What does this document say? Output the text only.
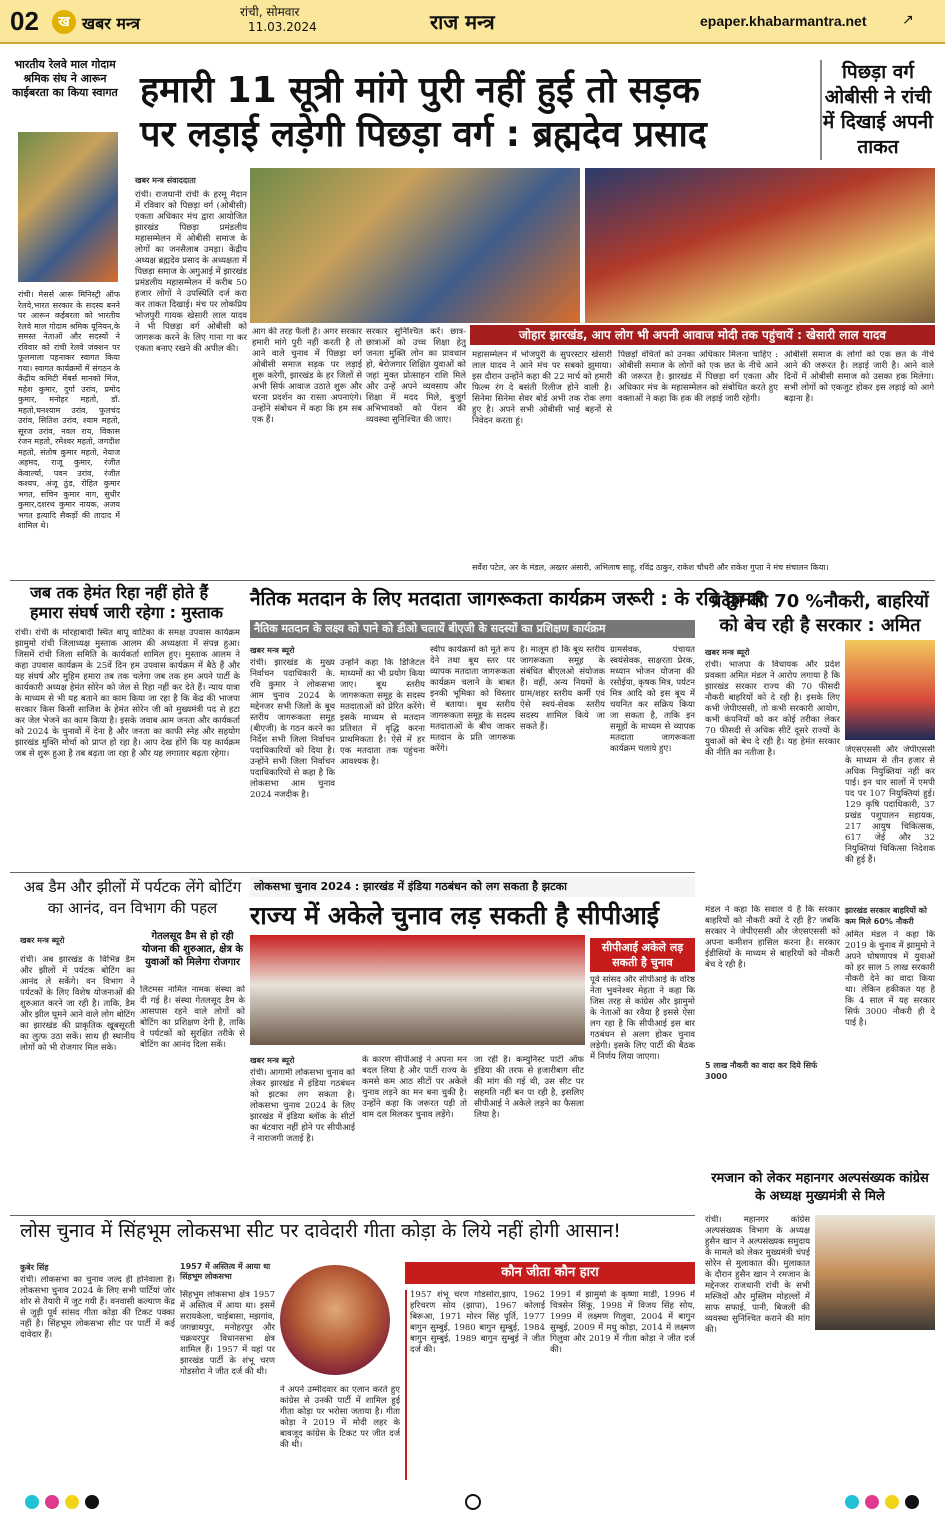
02	ख खबर मन्त्र
रांची, सोमवार
11.03.2024	राज मन्त्र	epaper.khabarmantra.net	↗
भारतीय रेलवे माल गोदाम श्रमिक संघ ने आरून काईबरता का किया स्वागत
रांची। मेसर्स आरू मिनिस्ट्री ऑफ रेलवे,भारत सरकार के सदस्य बनने पर आरून कईबरता को भारतीय रेलवे माल गोदाम श्रमिक यूनियन,के समस्त नेताओं और सदस्यों ने रविवार को रांची रेलवे जंक्शन पर फूलमाला पहनाकर स्वागत किया गया। स्वागत कार्यक्रमों में संगठन के केंद्रीय कमिटी मेंबर्स मानको मिंज, महेश कुमार, दुर्गा उरांव, प्रमोद कुमार, मनोहर महतो, डॉ. महतो,घनश्याम उरांव, फुलचंद उरांव, सितिश उरांव, श्याम महतो, सूरज उरांव, नवल राय, विकास रंजन महतो, रमेश्वर महतो, जगदीश महतो, संतोष कुमार महतो, नेयाज अहमद, राजू कुमार, रंजीत केवार्ल्या, पवन उरांव, रंजीत कश्यप, अंजू ठुंड, रोहित कुमार भगत, सचिन कुमार नाग, सुधीर कुमार,दशरथ कुमार नायक, अजय भगत इत्यादि सैकड़ों की तादाद में शामिल थे।
हमारी 11 सूत्री मांगे पुरी नहीं हुई तो सड़क
पर लड़ाई लड़ेगी पिछड़ा वर्ग : ब्रह्मदेव प्रसाद
पिछड़ा वर्ग ओबीसी ने रांची में दिखाई अपनी ताकत
खबर मन्त्र संवाददाता
रांची। राजधानी रांची के हरमू मैदान में रविवार को पिछड़ा वर्ग (ओबीसी) एकता अधिकार मंच द्वारा आयोजित झारखंड पिछड़ा प्रमंडलीय महासम्मेलन में ओबीसी समाज के लोगों का जनसैलाब उमड़ा। केंद्रीय अध्यक्ष ब्रह्मदेव प्रसाद के अध्यक्षता में पिछड़ा समाज के अगुआई में झारखंड प्रमंडलीय महासम्मेलन में करीब 50 हजार लोगों ने उपस्थिति दर्ज करा कर ताकत दिखाई। मंच पर लोकप्रिय भोजपुरी गायक खेसारी लाल यादव ने भी पिछड़ा वर्ग ओबीसी को जागरूक करने के लिए गाना गा कर एकता बनाए रखने की अपील की।
आग की तरह फैली है। अगर सरकार हमारी मांगे पुरी नहीं करती है तो आने वाले चुनाव में पिछड़ा वर्ग ओबीसी समाज सड़क पर लड़ाई शुरू करेगी, झारखंड के हर जिलों से अभी सिर्फ आवाज उठाते शुरू और धरना प्रदर्शन का रास्ता अपनाएंगे। उन्होंने संबोधन में कहा कि हम सब एक हैं।
सरकार सुनिश्चित करें। छात्र-छात्राओं को उच्च शिक्षा हेतु जनता मुक्ति लोन का प्रावधान हो, बेरोजगार शिक्षित युवाओं को जहां मुक्त प्रोत्साहन राशि मिले और उन्हें अपने व्यवसाय और शिक्षा में मदद मिले, बुजुर्ग अभिभावकों को पेंशन की व्यवस्था सुनिश्चित की जाए।
जोहार झारखंड, आप लोग भी अपनी आवाज मोदी तक पहुंचायें : खेसारी लाल यादव
महासम्मेलन में भोजपुरी के सुपरस्टार खेसारी लाल यादव ने आने मंच पर सबको झुमाया। इस दौरान उन्होंने कहा की 22 मार्च को हमारी फिल्म रंग दे बसंती रिलीज होने वाली है। सिनेमा सिनेमा सेवर बोर्ड अभी तक रोक लगा हुए है। अपने सभी ओबीसी भाई बहनों से निवेदन करता हूं।
पिछड़ों वंचितों को उनका अधिकार मिलना चाहिए : ओबीसी समाज के लोगों को एक छत के नीचे आने की जरूरत है। झारखंड में पिछड़ा वर्ग एकता और अधिकार मंच के महासम्मेलन को संबोधित करते हुए वक्ताओं ने कहा कि हक की लड़ाई जारी रहेगी।
ओबीसी समाज के लोगों को एक छत के नीचे आने की जरूरत है। लड़ाई जारी है। आने वाले दिनों में ओबीसी समाज को उसका हक मिलेगा। सभी लोगों को एकजुट होकर इस लड़ाई को आगे बढ़ाना है।
सर्वेश पटेल, अर के मंडल, अख्तर अंसारी, अभिलाष साहू, रविंद्र ठाकुर, राकेश चौधरी और राकेश गुप्ता ने मंच संचालन किया।
जब तक हेमंत रिहा नहीं होते हैं
हमारा संघर्ष जारी रहेगा : मुस्ताक
रांची। रांची के मोरहाबादी स्थित बापू वाटिका के समक्ष उपवास कार्यक्रम झामुमो रांची जिलाध्यक्ष मुस्ताक आलम की अध्यक्षता में संपन्न हुआ। जिसमें रांची जिला समिति के कार्यकर्ता शामिल हुए। मुस्ताक आलम ने कहा उपवास कार्यक्रम के 25वें दिन हम उपवास कार्यक्रम में बैठे हैं और यह संघर्ष और मुहिम हमारा तब तक चलेगा जब तक हम अपने पार्टी के कार्यकारी अध्यक्ष हेमंत सोरेन को जेल से रिहा नहीं कर देते हैं। न्याय यात्रा के माध्यम से भी यह बताने का काम किया जा रहा है कि केंद्र की भाजपा सरकार किस किसी साजिश के हेमंत सोरेन जी को मुख्यमंत्री पद से हटा कर जेल भेजने का काम किया है। इसके जवाब आम जनता और कार्यकर्ता को 2024 के चुनावों में देना है और जनता का काफी स्नेह और सहयोग झारखंड मुक्ति मोर्चा को प्राप्त हो रहा है। आप देख होंगे कि यह कार्यक्रम जब से शुरू हुआ है तब बढ़ता जा रहा है और यह लगातार बढ़ता रहेगा।
नैतिक मतदान के लिए मतदाता जागरूकता कार्यक्रम जरूरी : के रवि कुमार
नैतिक मतदान के लक्ष्य को पाने को डीओ चलायें बीएजी के सदस्यों का प्रशिक्षण कार्यक्रम
खबर मन्त्र ब्यूरो
रांची। झारखंड के मुख्य निर्वाचन पदाधिकारी के. रवि कुमार ने लोकसभा आम चुनाव 2024 के मद्देनजर सभी जिलों के बूथ स्तरीय जागरूकता समूह (बीएजी) के गठन करने का निर्देश सभी जिला निर्वाचन पदाधिकारियों को दिया है। उन्होंने सभी जिला निर्वाचन पदाधिकारियों से कहा है कि लोकसभा आम चुनाव 2024 नजदीक है।
उन्होंने कहा कि डिजिटल माध्यमों का भी प्रयोग किया जाए। बूथ स्तरीय जागरूकता समूह के सदस्य मतदाताओं को प्रेरित करेंगे। इसके माध्यम से मतदान प्रतिशत में वृद्धि करना प्राथमिकता है। ऐसे में हर एक मतदाता तक पहुंचना आवश्यक है।
स्वीप कार्यक्रमों को मूर्त रूप देने तथा बूथ स्तर पर व्यापक मतदाता जागरूकता कार्यक्रम चलाने के बाबत इनकी भूमिका को विस्तार से बताया। बूथ स्तरीय जागरूकता समूह के सदस्य मतदाताओं के बीच जाकर मतदान के प्रति जागरूक करेंगे।
है। मालूम हो कि बूथ स्तरीय जागरूकता समूह के संबंधित बीएलओ संयोजक हैं। वहीं, अन्य नियमों के ग्राम/शहर स्तरीय कर्मी एवं ऐसे स्वयं-सेवक स्तरीय सदस्य शामिल किये जा सकते हैं।
ग्रामसेवक, पंचायत स्वयंसेवक, साक्षरता प्रेरक, मध्यान भोजन योजना की रसोईया, कृषक मित्र, पर्यटन मित्र आदि को इस बूथ में चयनित कर सक्रिय किया जा सकता है, ताकि इन समूहों के माध्यम से व्यापक मतदाता जागरूकता कार्यक्रम चलाये हुए।
प्रदेश की 70 %नौकरी, बाहरियों को बेच रही है सरकार : अमित
खबर मन्त्र ब्यूरो
रांची। भाजपा के विधायक और प्रदेश प्रवक्ता अमित मंडल ने आरोप लगाया है कि झारखंड सरकार राज्य की 70 फीसदी नौकरी बाहरियों को दे रही है। इसके लिए कभी जेपीएससी, तो कभी सरकारी आयोग, कभी कंपनियों को कर कोई तरीका लेकर 70 फीसदी से अधिक सीटें दूसरे राज्यों के युवाओं को बेच दे रही है। यह हेमंत सरकार की नीति का नतीजा है।	जेएसएससी और जेपीएससी के माध्यम से तीन हजार से अधिक नियुक्तियां नहीं कर पाई। इन चार सालों में एमपी पद पर 107 नियुक्तियां हुई। 129 कृषि पदाधिकारी, 37 प्रखंड पशुपालन सहायक, 217 आयुष चिकित्सक, 617 जेई और 32 नियुक्तियां चिकित्सा निदेशक की हुई हैं।
झारखंड सरकार बाहरियों को कम मिले 60% नौकरी
मंडल ने कहा कि सवाल ये है कि सरकार बाहरियों को नौकरी क्यों दे रही है? जबकि सरकार ने जेपीएससी और जेएसएससी को अपना कमीशन हासिल करना है। सरकार ईडीसियों के माध्यम से बाहरियों को नौकरी बेच दे रही है।
5 लाख नौकरी का वादा कर दिये सिर्फ 3000
अमित मंडल ने कहा कि 2019 के चुनाव में झामुमो ने अपने घोषणापत्र में युवाओं को हर साल 5 लाख सरकारी नौकरी देने का वादा किया था। लेकिन हकीकत यह है कि 4 साल में यह सरकार सिर्फ 3000 नौकरी ही दे पाई है।
अब डैम और झीलों में पर्यटक लेंगे बोटिंग का आनंद, वन विभाग की पहल
खबर मन्त्र ब्यूरो	गेतलसूद डैम से हो रही योजना की शुरुआत, क्षेत्र के युवाओं को मिलेगा रोजगार
रांची। अब झारखंड के विभिन्न डैम और झीलों में पर्यटक बोटिंग का आनंद ले सकेंगे। वन विभाग ने पर्यटकों के लिए विशेष योजनाओं की शुरुआत करने जा रही है। ताकि, डैम और झील घूमने आने वाले लोग बोटिंग का झारखंड की प्राकृतिक खूबसूरती का लुत्फ उठा सकें। साथ ही स्थानीय लोगों को भी रोजगार मिल सके।
लिटमस नामित नामक संस्था को दी गई है। संस्था गेतलसूद डैम के आसपास रहने वाले लोगों को बोटिंग का प्रशिक्षण देगी है, ताकि वे पर्यटकों को सुरक्षित तरीके से बोटिंग का आनंद दिला सकें।
लोकसभा चुनाव 2024 : झारखंड में इंडिया गठबंधन को लग सकता है झटका
राज्य में अकेले चुनाव लड़ सकती है सीपीआई
सीपीआई अकेले लड़ सकती है चुनाव
पूर्व सांसद और सीपीआई के वरिष्ठ नेता भुवनेश्वर मेहता ने कहा कि जिस तरह से कांग्रेस और झामुमो के नेताओं का रवैया है इससे ऐसा लग रहा है कि सीपीआई इस बार गठबंधन से अलग होकर चुनाव लड़ेगी। इसके लिए पार्टी की बैठक में निर्णय लिया जाएगा।
खबर मन्त्र ब्यूरो
रांची। आगामी लोकसभा चुनाव को लेकर झारखंड में इंडिया गठबंधन को झटका लग सकता है। लोकसभा चुनाव 2024 के लिए झारखंड में इंडिया ब्लॉक के सीटों का बंटवारा नहीं होने पर सीपीआई ने नाराजगी जताई है।
के कारण सीपीआई ने अपना मन बदल लिया है और पार्टी राज्य के कमसे कम आठ सीटों पर अकेले चुनाव लड़ने का मन बना चुकी है। उन्होंने कहा कि जरूरत पड़ी तो वाम दल मिलकर चुनाव लड़ेंगे।
जा रही है। कम्युनिस्ट पार्टी ऑफ इंडिया की तरफ से हजारीबाग सीट की मांग की गई थी, उस सीट पर सहमति नहीं बन पा रही है, इसलिए सीपीआई ने अकेले लड़ने का फैसला लिया है।
रमजान को लेकर महानगर अल्पसंख्यक कांग्रेस के अध्यक्ष मुख्यमंत्री से मिले
रांची। महानगर कांग्रेस अल्पसंख्यक विभाग के अध्यक्ष हुसैन खान ने अल्पसंख्यक समुदाय के मामले को लेकर मुख्यमंत्री चंपई सोरेन से मुलाकात की। मुलाकात के दौरान हुसैन खान ने रमजान के मद्देनजर राजधानी रांची के सभी मस्जिदों और मुस्लिम मोहल्लों में साफ सफाई, पानी, बिजली की व्यवस्था सुनिश्चित कराने की मांग की।
लोस चुनाव में सिंहभूम लोकसभा सीट पर दावेदारी गीता कोड़ा के लिये नहीं होगी आसान!
कुबेर सिंह
रांची। लोकसभा का चुनाव जल्द ही होनेवाला है। लोकसभा चुनाव 2024 के लिए सभी पार्टियां जोर शोर से तैयारी में जुट गयी हैं। वनवासी कल्याण केंद्र से जुड़ी पूर्व सांसद गीता कोड़ा की टिकट पक्का नहीं है। सिंहभूम लोकसभा सीट पर पार्टी में कई दावेदार हैं।
1957 में अस्तित्व में आया था सिंहभूम लोकसभा
सिंहभूम लोकसभा क्षेत्र 1957 में अस्तित्व में आया था। इसमें सरायकेला, चाईबासा, मझगांव, जगन्नाथपुर, मनोहरपुर और चक्रधरपुर विधानसभा क्षेत्र शामिल हैं। 1957 में यहां पर झारखंड पार्टी के शंभू चरण गोडसोरा ने जीत दर्ज की थी।
ने अपने उम्मीदवार का एलान करते हुए कांग्रेस से उनकी पार्टी में शामिल हुई गीता कोड़ा पर भरोसा जताया है। गीता कोड़ा ने 2019 में मोदी लहर के बावजूद कांग्रेस के टिकट पर जीत दर्ज की थी।
कौन जीता कौन हारा
1957 शंभू चरण गोडसोरा,झाप, 1962 हरिचरण सोय (झापा), 1967 कोलाई बिरूआ, 1971 मोरन सिंह पूर्ति, 1977 बागुन सुम्बुई, 1980 बागुन सुम्बुई, 1984 बागुन सुम्बुई, 1989 बागुन सुम्बुई ने जीत दर्ज की।
1991 में झामुमो के कृष्णा मार्डी, 1996 में चित्रसेन सिंकू, 1998 में विजय सिंह सोय, 1999 में लक्ष्मण गिलुवा, 2004 में बागुन सुम्बुई, 2009 में मधु कोड़ा, 2014 में लक्ष्मण गिलुवा और 2019 में गीता कोड़ा ने जीत दर्ज की।
